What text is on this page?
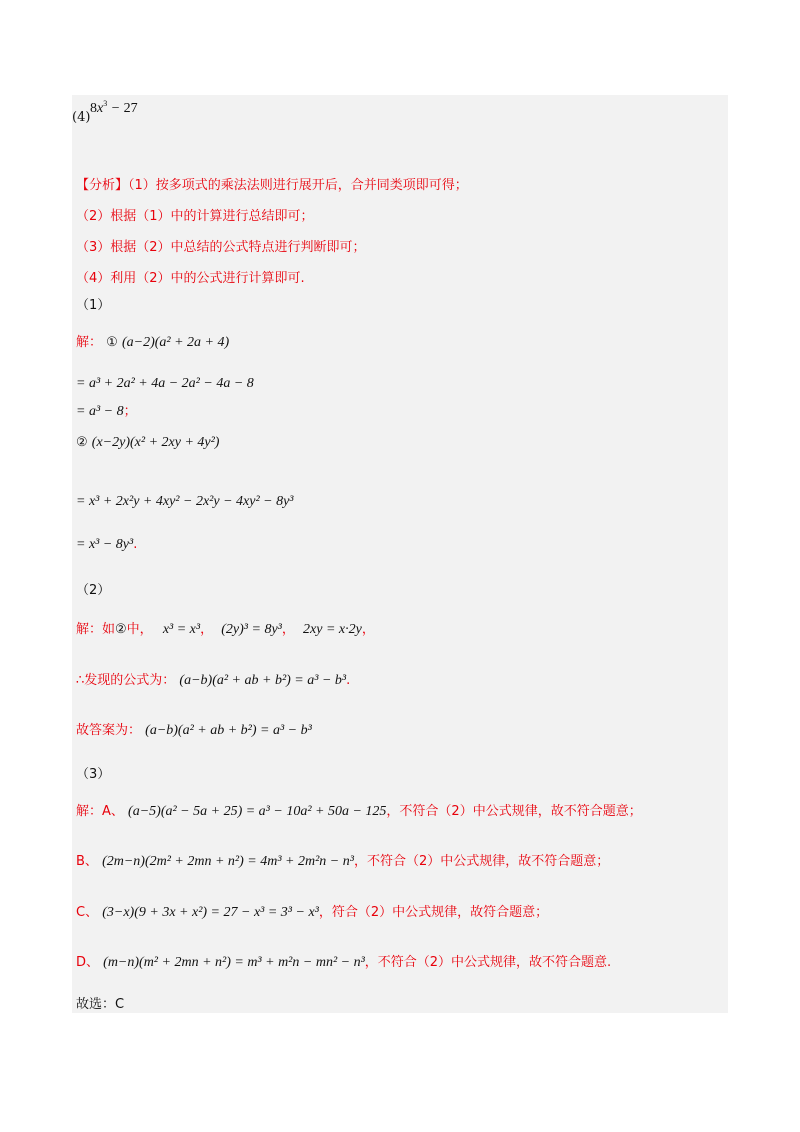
$8x^3 - 27$
(4)
【分析】（1）按多项式的乘法法则进行展开后，合并同类项即可得；
（2）根据（1）中的计算进行总结即可；
（3）根据（2）中总结的公式特点进行判断即可；
（4）利用（2）中的公式进行计算即可.
（1）
解： ① (a−2)(a² + 2a + 4)
= a³ + 2a² + 4a − 2a² − 4a − 8
= a³ − 8；
② (x−2y)(x² + 2xy + 4y²)
= x³ + 2x²y + 4xy² − 2x²y − 4xy² − 8y³
= x³ − 8y³.
（2）
解：如②中， x³ = x³， (2y)³ = 8y³， 2xy = x·2y，
∴发现的公式为： (a−b)(a² + ab + b²) = a³ − b³.
故答案为： (a−b)(a² + ab + b²) = a³ − b³
（3）
解：A、 (a−5)(a² − 5a + 25) = a³ − 10a² + 50a − 125，不符合（2）中公式规律，故不符合题意；
B、 (2m−n)(2m² + 2mn + n²) = 4m³ + 2m²n − n³，不符合（2）中公式规律，故不符合题意；
C、 (3−x)(9 + 3x + x²) = 27 − x³ = 3³ − x³，符合（2）中公式规律，故符合题意；
D、 (m−n)(m² + 2mn + n²) = m³ + m²n − mn² − n³，不符合（2）中公式规律，故不符合题意.
故选：C
